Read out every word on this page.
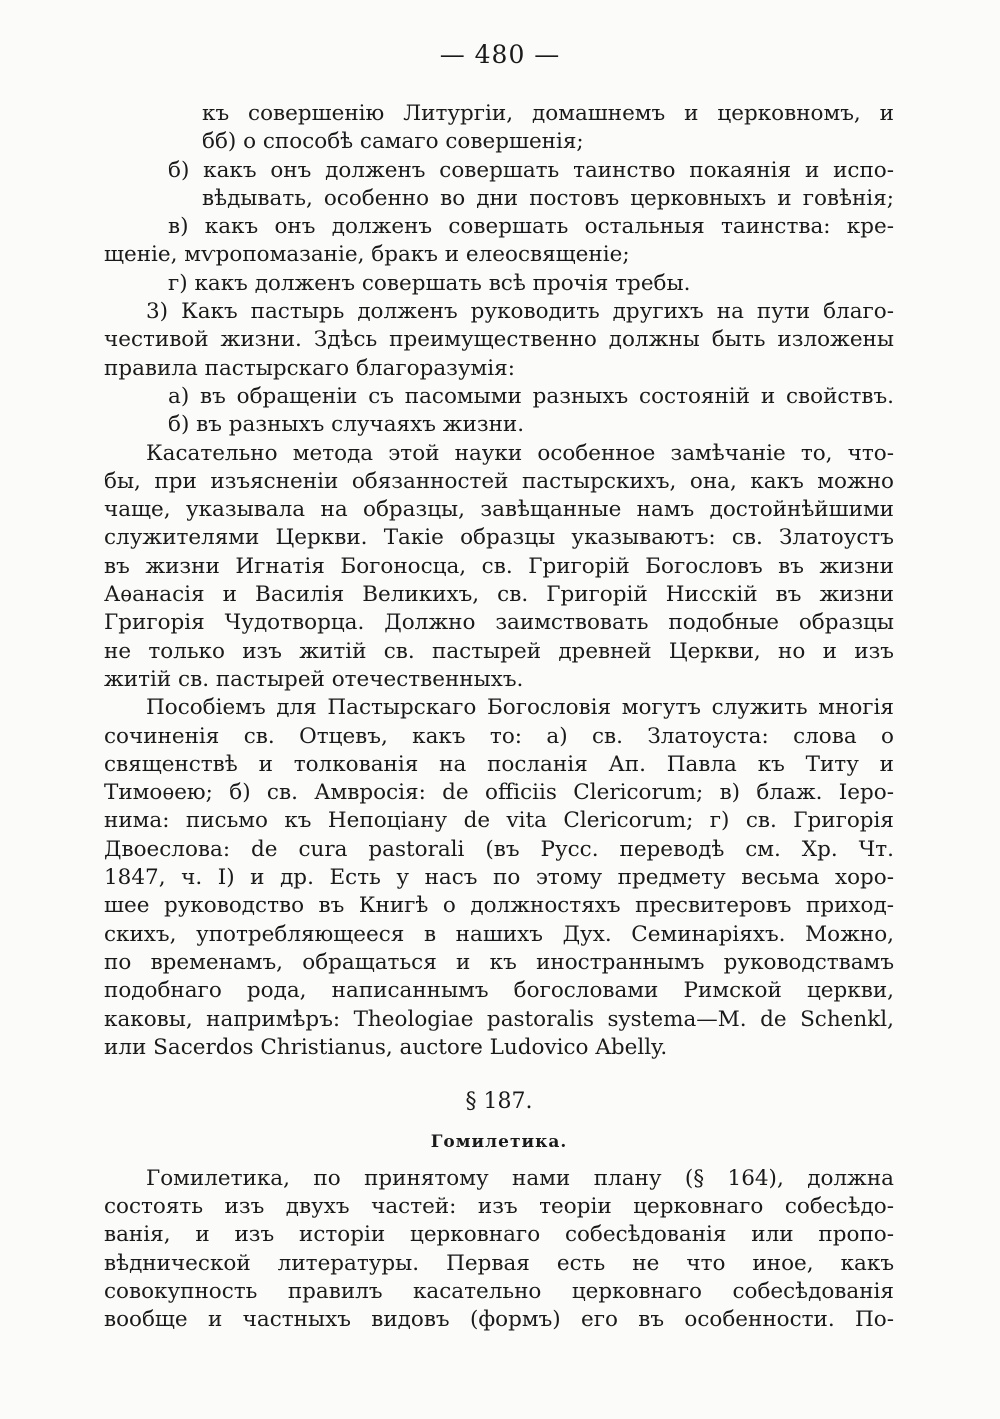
— 480 —
къ совершенію Литургіи, домашнемъ и церковномъ, и
бб) о способѣ самаго совершенія;
б) какъ онъ долженъ совершать таинство покаянія и испо-
вѣдывать, особенно во дни постовъ церковныхъ и говѣнія;
в) какъ онъ долженъ совершать остальныя таинства: кре-
щеніе, мѵропомазаніе, бракъ и елеосвященіе;
г) какъ долженъ совершать всѣ прочія требы.
3) Какъ пастырь долженъ руководить другихъ на пути благо-
честивой жизни. Здѣсь преимущественно должны быть изложены
правила пастырскаго благоразумія:
а) въ обращеніи съ пасомыми разныхъ состояній и свойствъ.
б) въ разныхъ случаяхъ жизни.
Касательно метода этой науки особенное замѣчаніе то, что-
бы, при изъясненіи обязанностей пастырскихъ, она, какъ можно
чаще, указывала на образцы, завѣщанные намъ достойнѣйшими
служителями Церкви. Такіе образцы указываютъ: св. Златоустъ
въ жизни Игнатія Богоносца, св. Григорій Богословъ въ жизни
Аѳанасія и Василія Великихъ, св. Григорій Нисскій въ жизни
Григорія Чудотворца. Должно заимствовать подобные образцы
не только изъ житій св. пастырей древней Церкви, но и изъ
житій св. пастырей отечественныхъ.
Пособіемъ для Пастырскаго Богословія могутъ служить многія
сочиненія св. Отцевъ, какъ то: а) св. Златоуста: слова о
священствѣ и толкованія на посланія Ап. Павла къ Титу и
Тимоѳею; б) св. Амвросія: de officiis Clericorum; в) блаж. Іеро-
нима: письмо къ Непоціану de vita Clericorum; г) св. Григорія
Двоеслова: de cura pastorali (въ Русс. переводѣ см. Хр. Чт.
1847, ч. I) и др. Есть у насъ по этому предмету весьма хоро-
шее руководство въ Книгѣ о должностяхъ пресвитеровъ приход-
скихъ, употребляющееся в нашихъ Дух. Семинаріяхъ. Можно,
по временамъ, обращаться и къ иностраннымъ руководствамъ
подобнаго рода, написаннымъ богословами Римской церкви,
каковы, напримѣръ: Theologiae pastoralis systema—M. de Schenkl,
или Sacerdos Christianus, auctore Ludovico Abelly.
§ 187.
Гомилетика.
Гомилетика, по принятому нами плану (§ 164), должна
состоять изъ двухъ частей: изъ теоріи церковнаго собесѣдо-
ванія, и изъ исторіи церковнаго собесѣдованія или пропо-
вѣднической литературы. Первая есть не что иное, какъ
совокупность правилъ касательно церковнаго собесѣдованія
вообще и частныхъ видовъ (формъ) его въ особенности. По-
